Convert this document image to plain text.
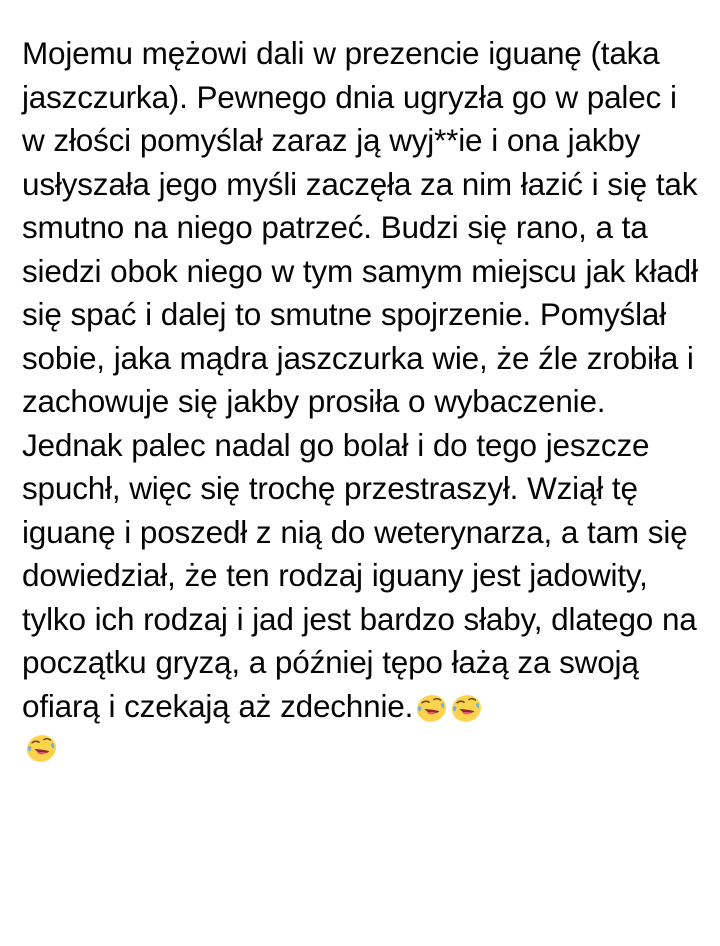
Mojemu mężowi dali w prezencie iguanę (taka jaszczurka). Pewnego dnia ugryzła go w palec i w złości pomyślał zaraz ją wyj**ie i ona jakby usłyszała jego myśli zaczęła za nim łazić i się tak smutno na niego patrzeć. Budzi się rano, a ta siedzi obok niego w tym samym miejscu jak kładł się spać i dalej to smutne spojrzenie. Pomyślał sobie, jaka mądra jaszczurka wie, że źle zrobiła i zachowuje się jakby prosiła o wybaczenie. Jednak palec nadal go bolał i do tego jeszcze spuchł, więc się trochę przestraszył. Wziął tę iguanę i poszedł z nią do weterynarza, a tam się dowiedział, że ten rodzaj iguany jest jadowity, tylko ich rodzaj i jad jest bardzo słaby, dlatego na początku gryzą, a później tępo łażą za swoją ofiarą i czekają aż zdechnie.
